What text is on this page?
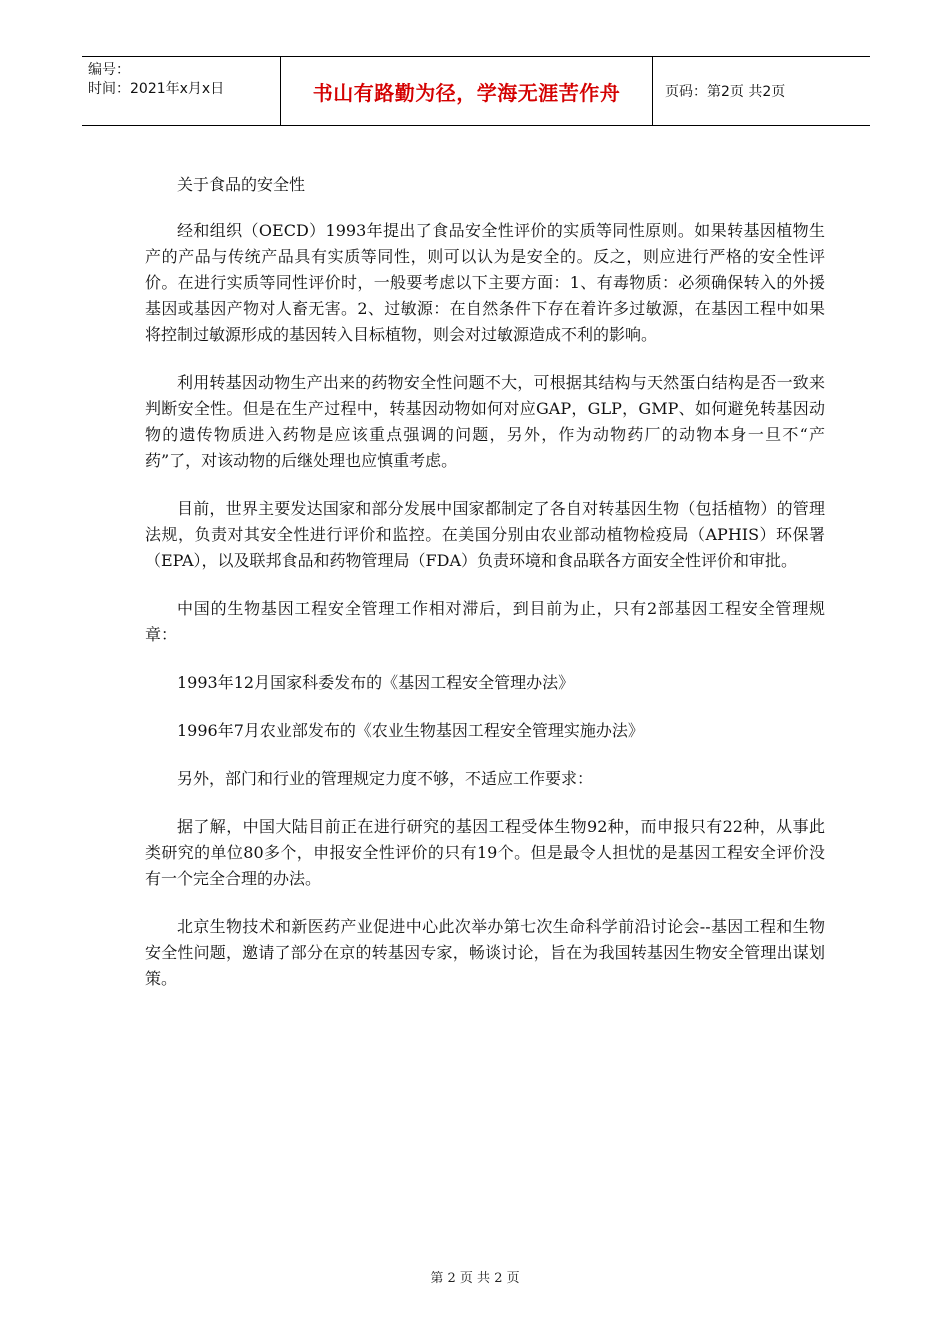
编号：
时间：2021年x月x日	书山有路勤为径，学海无涯苦作舟	页码：第2页 共2页

关于食品的安全性

经和组织（OECD）1993年提出了食品安全性评价的实质等同性原则。如果转基因植物生产的产品与传统产品具有实质等同性，则可以认为是安全的。反之，则应进行严格的安全性评价。在进行实质等同性评价时，一般要考虑以下主要方面：1、有毒物质：必须确保转入的外援基因或基因产物对人畜无害。2、过敏源：在自然条件下存在着许多过敏源，在基因工程中如果将控制过敏源形成的基因转入目标植物，则会对过敏源造成不利的影响。

利用转基因动物生产出来的药物安全性问题不大，可根据其结构与天然蛋白结构是否一致来判断安全性。但是在生产过程中，转基因动物如何对应GAP，GLP，GMP、如何避免转基因动物的遗传物质进入药物是应该重点强调的问题，另外，作为动物药厂的动物本身一旦不“产药”了，对该动物的后继处理也应慎重考虑。

目前，世界主要发达国家和部分发展中国家都制定了各自对转基因生物（包括植物）的管理法规，负责对其安全性进行评价和监控。在美国分别由农业部动植物检疫局（APHIS）环保署（EPA），以及联邦食品和药物管理局（FDA）负责环境和食品联各方面安全性评价和审批。

中国的生物基因工程安全管理工作相对滞后，到目前为止，只有2部基因工程安全管理规章：

1993年12月国家科委发布的《基因工程安全管理办法》

1996年7月农业部发布的《农业生物基因工程安全管理实施办法》

另外，部门和行业的管理规定力度不够，不适应工作要求：

据了解，中国大陆目前正在进行研究的基因工程受体生物92种，而申报只有22种，从事此类研究的单位80多个，申报安全性评价的只有19个。但是最令人担忧的是基因工程安全评价没有一个完全合理的办法。

北京生物技术和新医药产业促进中心此次举办第七次生命科学前沿讨论会--基因工程和生物安全性问题，邀请了部分在京的转基因专家，畅谈讨论，旨在为我国转基因生物安全管理出谋划策。

第 2 页 共 2 页
